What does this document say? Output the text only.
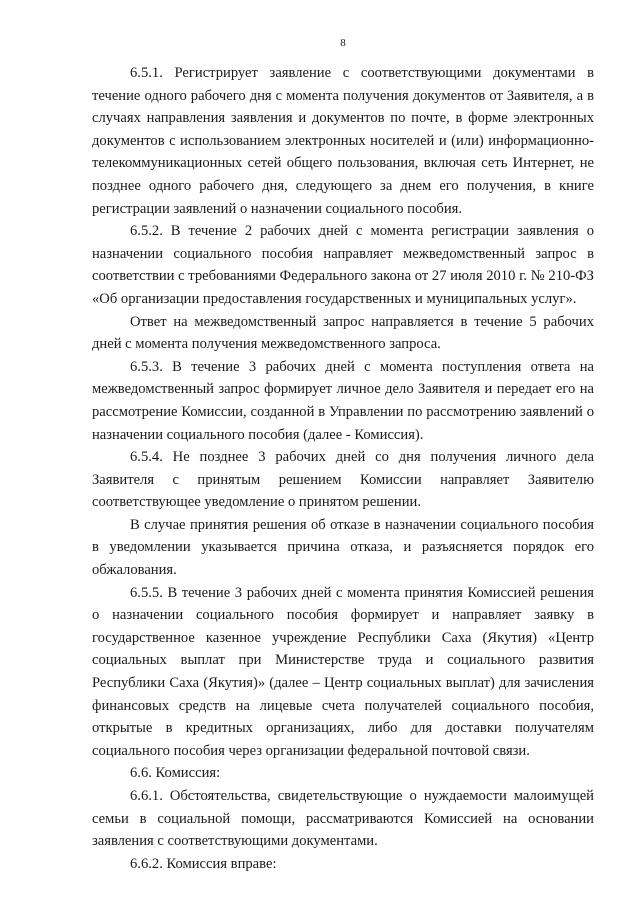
8

6.5.1. Регистрирует заявление с соответствующими документами в течение одного рабочего дня с момента получения документов от Заявителя, а в случаях направления заявления и документов по почте, в форме электронных документов с использованием электронных носителей и (или) информационно-телекоммуникационных сетей общего пользования, включая сеть Интернет, не позднее одного рабочего дня, следующего за днем его получения, в книге регистрации заявлений о назначении социального пособия.

6.5.2. В течение 2 рабочих дней с момента регистрации заявления о назначении социального пособия направляет межведомственный запрос в соответствии с требованиями Федерального закона от 27 июля 2010 г. № 210-ФЗ «Об организации предоставления государственных и муниципальных услуг».

Ответ на межведомственный запрос направляется в течение 5 рабочих дней с момента получения межведомственного запроса.

6.5.3. В течение 3 рабочих дней с момента поступления ответа на межведомственный запрос формирует личное дело Заявителя и передает его на рассмотрение Комиссии, созданной в Управлении по рассмотрению заявлений о назначении социального пособия (далее - Комиссия).

6.5.4. Не позднее 3 рабочих дней со дня получения личного дела Заявителя с принятым решением Комиссии направляет Заявителю соответствующее уведомление о принятом решении.

В случае принятия решения об отказе в назначении социального пособия в уведомлении указывается причина отказа, и разъясняется порядок его обжалования.

6.5.5. В течение 3 рабочих дней с момента принятия Комиссией решения о назначении социального пособия формирует и направляет заявку в государственное казенное учреждение Республики Саха (Якутия) «Центр социальных выплат при Министерстве труда и социального развития Республики Саха (Якутия)» (далее – Центр социальных выплат) для зачисления финансовых средств на лицевые счета получателей социального пособия, открытые в кредитных организациях, либо для доставки получателям социального пособия через организации федеральной почтовой связи.

6.6. Комиссия:

6.6.1. Обстоятельства, свидетельствующие о нуждаемости малоимущей семьи в социальной помощи, рассматриваются Комиссией на основании заявления с соответствующими документами.

6.6.2. Комиссия вправе:
